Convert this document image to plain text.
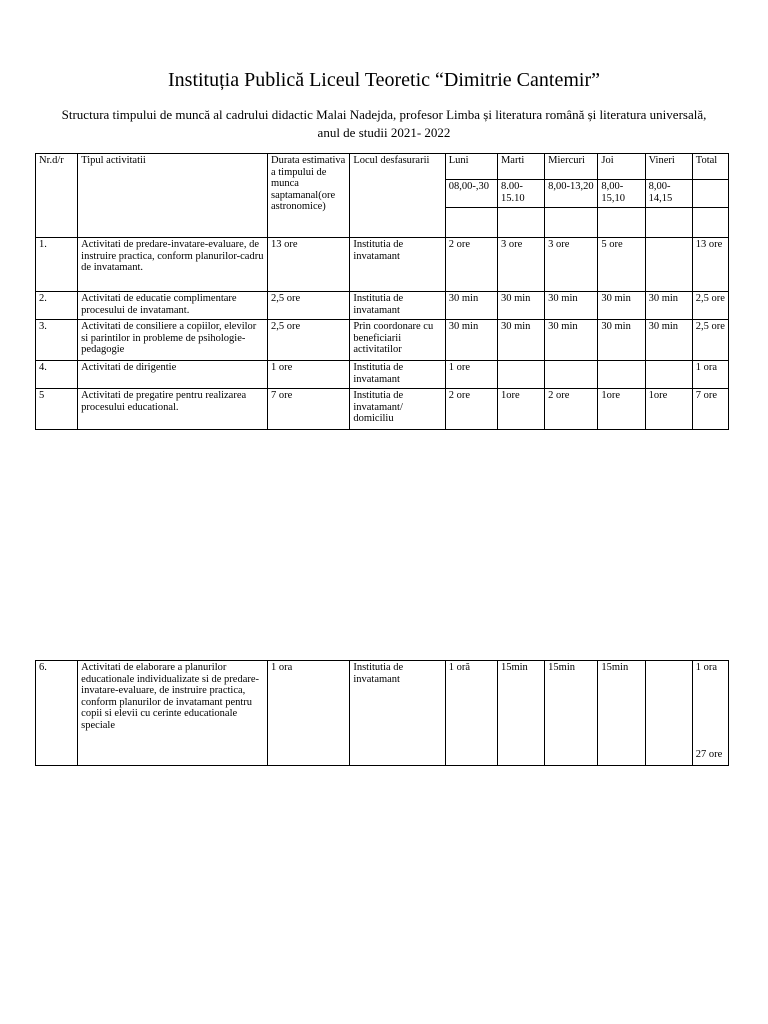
Instituția Publică Liceul Teoretic “Dimitrie Cantemir”
Structura timpului de muncă al cadrului didactic Malai Nadejda, profesor Limba și literatura română și literatura universală,
anul de studii 2021- 2022
Nr.d/r	Tipul activitatii	Durata estimativa a timpului de munca saptamanal(ore astronomice)	Locul desfasurarii	Luni	Marti	Miercuri	Joi	Vineri	Total
				08,00-,30	8.00-15.10	8,00-13,20	8,00-15,10	8,00-14,15	

1.	Activitati de predare-invatare-evaluare, de instruire practica, conform planurilor-cadru de invatamant.	13 ore	Institutia de invatamant	2 ore	3 ore	3 ore	5 ore		13 ore
2.	Activitati de educatie complimentare procesului de invatamant.	2,5 ore	Institutia de invatamant	30 min	30 min	30 min	30 min	30 min	2,5 ore
3.	Activitati de consiliere a copiilor, elevilor si parintilor in probleme de psihologie-pedagogie	2,5 ore	Prin coordonare cu beneficiarii activitatilor	30 min	30 min	30 min	30 min	30 min	2,5 ore
4.	Activitati de dirigentie	1 ore	Institutia de invatamant	1 ore					1 ora
5	Activitati de pregatire pentru realizarea procesului educational.	7 ore	Institutia de invatamant/ domiciliu	2 ore	1ore	2 ore	1ore	1ore	7 ore
6.	Activitati de elaborare a planurilor educationale individualizate si de predare-invatare-evaluare, de instruire practica, conform planurilor de invatamant pentru copii si elevii cu cerinte educationale speciale	1 ora	Institutia de invatamant	1 oră	15min	15min	15min		1 ora
27 ore
